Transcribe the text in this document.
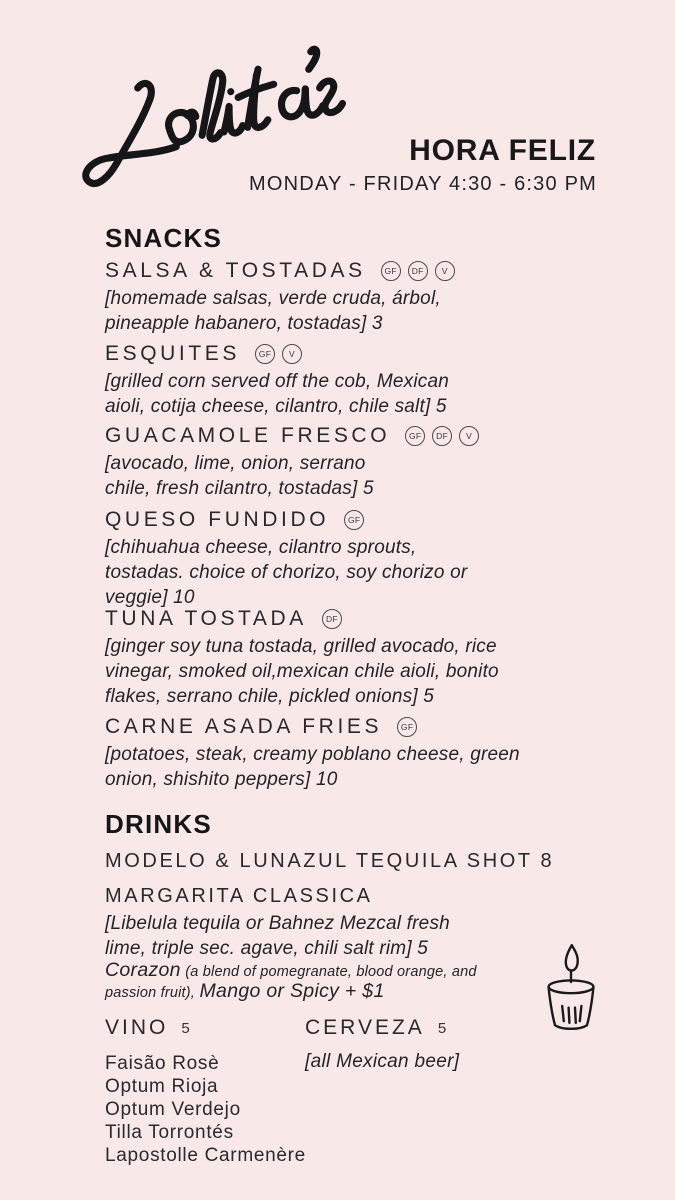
HORA FELIZ
MONDAY - FRIDAY 4:30 - 6:30 PM
SNACKS
SALSA & TOSTADAS	GF	DF	V
[homemade salsas, verde cruda, árbol,
pineapple habanero, tostadas] 3
ESQUITES	GF	V
[grilled corn served off the cob, Mexican
aioli, cotija cheese, cilantro, chile salt] 5
GUACAMOLE FRESCO	GF	DF	V
[avocado, lime, onion, serrano
chile, fresh cilantro, tostadas] 5
QUESO FUNDIDO	GF
[chihuahua cheese, cilantro sprouts,
tostadas. choice of chorizo, soy chorizo or
veggie] 10
TUNA TOSTADA	DF
[ginger soy tuna tostada, grilled avocado, rice
vinegar, smoked oil,mexican chile aioli, bonito
flakes, serrano chile, pickled onions] 5
CARNE ASADA FRIES	GF
[potatoes, steak, creamy poblano cheese, green
onion, shishito peppers] 10
DRINKS
MODELO & LUNAZUL TEQUILA SHOT 8
MARGARITA CLASSICA
[Libelula tequila or Bahnez Mezcal fresh
lime, triple sec. agave, chili salt rim] 5
Corazon (a blend of pomegranate, blood orange, and
passion fruit), Mango or Spicy + $1
VINO 5
Faisão Rosè
Optum Rioja
Optum Verdejo
Tilla Torrontés
Lapostolle Carmenère
CERVEZA 5
[all Mexican beer]
